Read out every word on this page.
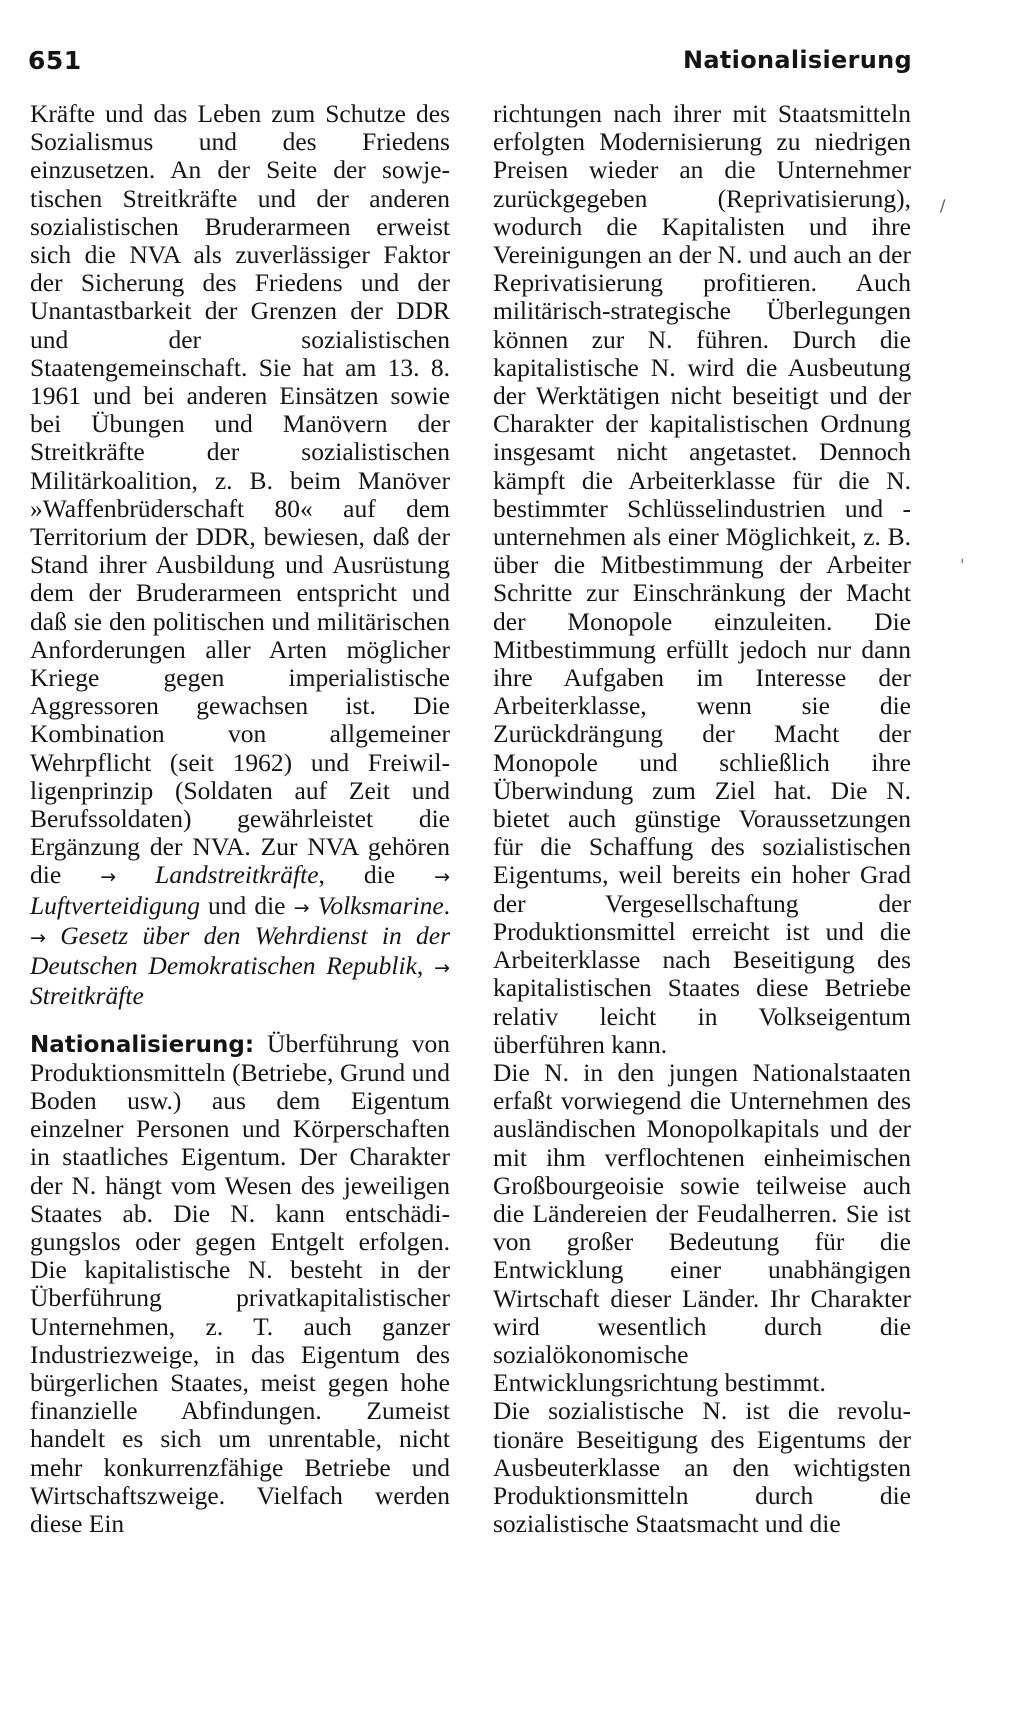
651	Nationalisierung

Kräfte und das Leben zum Schutze des Sozialismus und des Friedens einzusetzen. An der Seite der sowjetischen Streitkräfte und der anderen sozialistischen Bruderarmeen erweist sich die NVA als zuverlässiger Faktor der Sicherung des Friedens und der Unantastbarkeit der Grenzen der DDR und der sozialistischen Staatengemeinschaft. Sie hat am 13. 8. 1961 und bei anderen Einsätzen sowie bei Übungen und Manövern der Streitkräfte der sozialistischen Militärkoalition, z. B. beim Manöver »Waffenbrüderschaft 80« auf dem Territorium der DDR, bewiesen, daß der Stand ihrer Ausbildung und Ausrüstung dem der Bruderarmeen entspricht und daß sie den politischen und militärischen Anforderungen aller Arten möglicher Kriege gegen imperialistische Aggressoren gewachsen ist. Die Kombination von allgemeiner Wehrpflicht (seit 1962) und Freiwilligenprinzip (Soldaten auf Zeit und Berufssoldaten) gewährleistet die Ergänzung der NVA. Zur NVA gehören die → Landstreitkräfte, die → Luftverteidigung und die → Volksmarine. → Gesetz über den Wehrdienst in der Deutschen Demokratischen Republik, → Streitkräfte

Nationalisierung: Überführung von Produktionsmitteln (Betriebe, Grund und Boden usw.) aus dem Eigentum einzelner Personen und Körperschaften in staatliches Eigentum. Der Charakter der N. hängt vom Wesen des jeweiligen Staates ab. Die N. kann entschädigungslos oder gegen Entgelt erfolgen. Die kapitalistische N. besteht in der Überführung privatkapitalistischer Unternehmen, z. T. auch ganzer Industriezweige, in das Eigentum des bürgerlichen Staates, meist gegen hohe finanzielle Abfindungen. Zumeist handelt es sich um unrentable, nicht mehr konkurrenzfähige Betriebe und Wirtschaftszweige. Vielfach werden diese Ein

richtungen nach ihrer mit Staatsmitteln erfolgten Modernisierung zu niedrigen Preisen wieder an die Unternehmer zurückgegeben (Reprivatisierung), wodurch die Kapitalisten und ihre Vereinigungen an der N. und auch an der Reprivatisierung profitieren. Auch militärisch-strategische Überlegungen können zur N. führen. Durch die kapitalistische N. wird die Ausbeutung der Werktätigen nicht beseitigt und der Charakter der kapitalistischen Ordnung insgesamt nicht angetastet. Dennoch kämpft die Arbeiterklasse für die N. bestimmter Schlüsselindustrien und -unternehmen als einer Möglichkeit, z. B. über die Mitbestimmung der Arbeiter Schritte zur Einschränkung der Macht der Monopole einzuleiten. Die Mitbestimmung erfüllt jedoch nur dann ihre Aufgaben im Interesse der Arbeiterklasse, wenn sie die Zurückdrängung der Macht der Monopole und schließlich ihre Überwindung zum Ziel hat. Die N. bietet auch günstige Voraussetzungen für die Schaffung des sozialistischen Eigentums, weil bereits ein hoher Grad der Vergesellschaftung der Produktionsmittel erreicht ist und die Arbeiterklasse nach Beseitigung des kapitalistischen Staates diese Betriebe relativ leicht in Volkseigentum überführen kann.

Die N. in den jungen Nationalstaaten erfaßt vorwiegend die Unternehmen des ausländischen Monopolkapitals und der mit ihm verflochtenen einheimischen Großbourgeoisie sowie teilweise auch die Ländereien der Feudalherren. Sie ist von großer Bedeutung für die Entwicklung einer unabhängigen Wirtschaft dieser Länder. Ihr Charakter wird wesentlich durch die sozialökonomische Entwicklungsrichtung bestimmt.

Die sozialistische N. ist die revolutionäre Beseitigung des Eigentums der Ausbeuterklasse an den wichtigsten Produktionsmitteln durch die sozialistische Staatsmacht und die

∕
ˈ
